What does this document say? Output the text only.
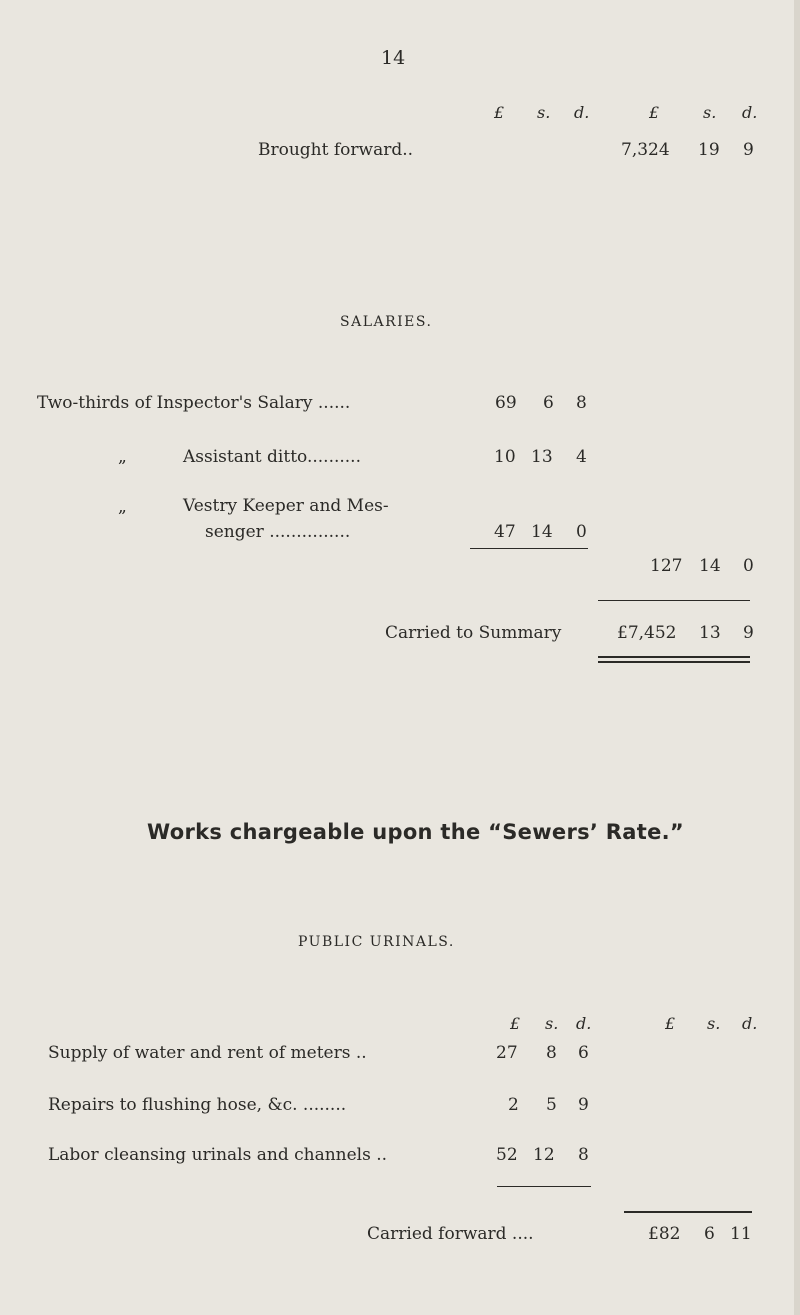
14
£ s. d.	£	s. d.
Brought forward..	7,324 19 9
SALARIES.
Two-thirds of Inspector's Salary ......	69 6 8
„	Assistant ditto..........	10 13 4
„	Vestry Keeper and Mes-
senger ...............	47 14 0
127 14 0
Carried to Summary	£7,452 13 9
Works chargeable upon the “Sewers’ Rate.”
PUBLIC URINALS.
£ s. d.	£ s. d.
Supply of water and rent of meters ..	27 8 6
Repairs to flushing hose, &c. ........	2 5 9
Labor cleansing urinals and channels ..	52 12 8
Carried forward ....	£82 6 11
